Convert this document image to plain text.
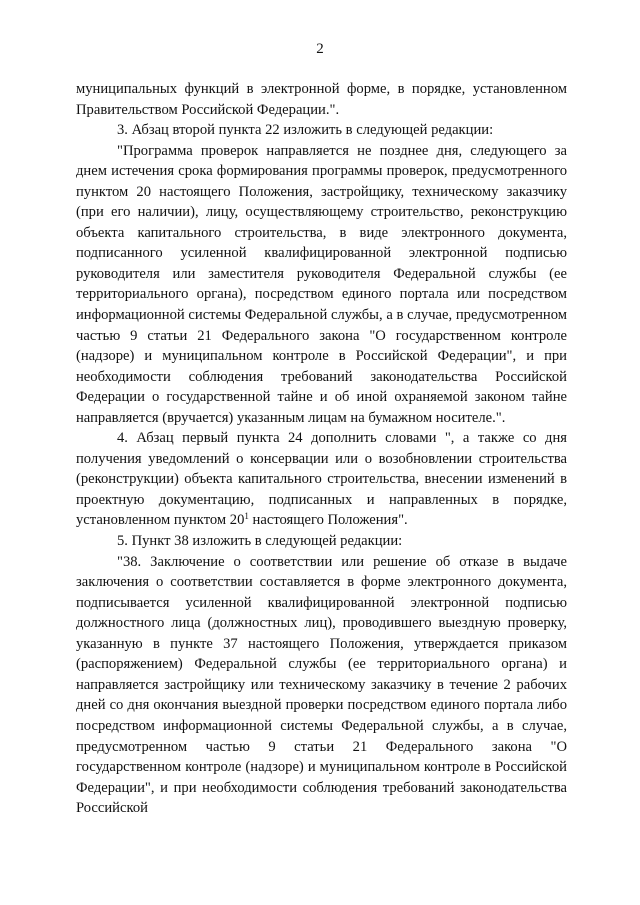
2

муниципальных функций в электронной форме, в порядке, установленном Правительством Российской Федерации.".

3. Абзац второй пункта 22 изложить в следующей редакции:

"Программа проверок направляется не позднее дня, следующего за днем истечения срока формирования программы проверок, предусмотренного пунктом 20 настоящего Положения, застройщику, техническому заказчику (при его наличии), лицу, осуществляющему строительство, реконструкцию объекта капитального строительства, в виде электронного документа, подписанного усиленной квалифицированной электронной подписью руководителя или заместителя руководителя Федеральной службы (ее территориального органа), посредством единого портала или посредством информационной системы Федеральной службы, а в случае, предусмотренном частью 9 статьи 21 Федерального закона "О государственном контроле (надзоре) и муниципальном контроле в Российской Федерации", и при необходимости соблюдения требований законодательства Российской Федерации о государственной тайне и об иной охраняемой законом тайне направляется (вручается) указанным лицам на бумажном носителе.".

4. Абзац первый пункта 24 дополнить словами ", а также со дня получения уведомлений о консервации или о возобновлении строительства (реконструкции) объекта капитального строительства, внесении изменений в проектную документацию, подписанных и направленных в порядке, установленном пунктом $20^1$ настоящего Положения".

5. Пункт 38 изложить в следующей редакции:

"38. Заключение о соответствии или решение об отказе в выдаче заключения о соответствии составляется в форме электронного документа, подписывается усиленной квалифицированной электронной подписью должностного лица (должностных лиц), проводившего выездную проверку, указанную в пункте 37 настоящего Положения, утверждается приказом (распоряжением) Федеральной службы (ее территориального органа) и направляется застройщику или техническому заказчику в течение 2 рабочих дней со дня окончания выездной проверки посредством единого портала либо посредством информационной системы Федеральной службы, а в случае, предусмотренном частью 9 статьи 21 Федерального закона "О государственном контроле (надзоре) и муниципальном контроле в Российской Федерации", и при необходимости соблюдения требований законодательства Российской
